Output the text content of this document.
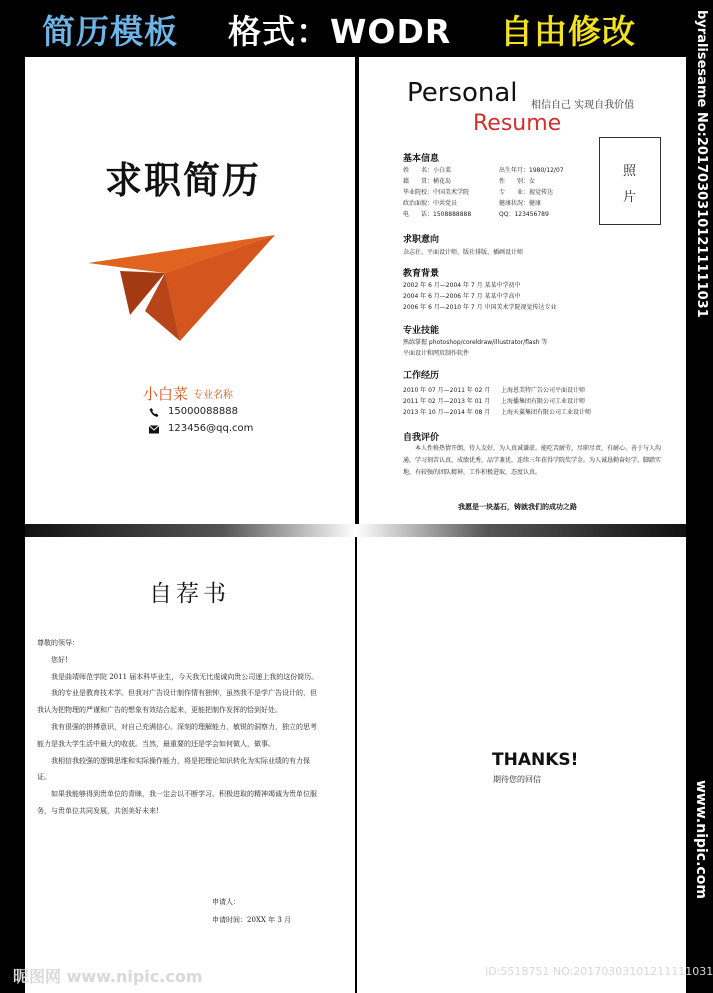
简历模板 格式：WODR 自由修改	byralisesame No:20170303101211111031
www.nipic.com
求职简历
小白菜 专业名称
15000088888
123456@qq.com
Personal 相信自己 实现自我价值
Resume
照
片
基本信息
姓　　名：小白菜	出生年月：1980/12/07
籍　　贯：横花岛	性　　别：女
毕业院校：中国美术学院	专　　业：视觉传达
政治面貌：中共党员	健康状况：健康
电　　话：1508888888	QQ：123456789
求职意向
杂志社、平面设计师、版社排版、插画设计师
教育背景
2002 年 6 月—2004 年 7 月 某某中学初中
2004 年 6 月—2006 年 7 月 某某中学高中
2006 年 6 月—2010 年 7 月 中国美术学院视觉传达专业
专业技能
熟练掌握 photoshop/coreldraw/illustrator/flash 等
平面设计和网页制作软件
工作经历
2010 年 07 月—2011 年 02 月 上海恩美特广告公司平面设计师
2011 年 02 月—2013 年 01 月 上海播集团有限公司工业设计师
2013 年 10 月—2014 年 08 月 上海天翼集团有限公司工业设计师
自我评价
本人性格热情开朗，待人友好，为人真诚谦虚。能吃苦耐劳，尽职尽责，有耐心。善于与人沟通，学习刻苦认真，成绩优秀，品学兼优，连续三年获得学院奖学金。为人诚恳勤奋好学、脚踏实地，有较强的团队精神，工作积极进取，态度认真。
我愿是一块基石，铸就我们的成功之路
自荐书
尊敬的领导：
您好!
我是曲靖师范学院 2011 届本科毕业生，今天我无比虔诚向贵公司递上我的这份简历。
我的专业是教育技术学。但我对广告设计制作情有独钟，虽然我不是学广告设计的，但我认为把物理的严谨和广告的想象有效结合起来，更能把制作发挥的恰到好处。
我有很强的拼搏意识，对自己充满信心。深刻的理解能力，敏锐的洞察力，独立的思考能力是我大学生活中最大的收获。当然，最重要的还是学会如何做人，做事。
我相信我较强的逻辑思维和实际操作能力，将是把理论知识转化为实际业绩的有力保证。
如果我能够得到贵单位的青睐，我一定会以不断学习、积极进取的精神竭诚为贵单位服务，与贵单位共同发展，共创美好未来!
申请人：
申请时间：20XX 年 3 月
昵图网 www.nipic.com
THANKS!
期待您的回信
ID:5518751 NO:20170303101211111031
